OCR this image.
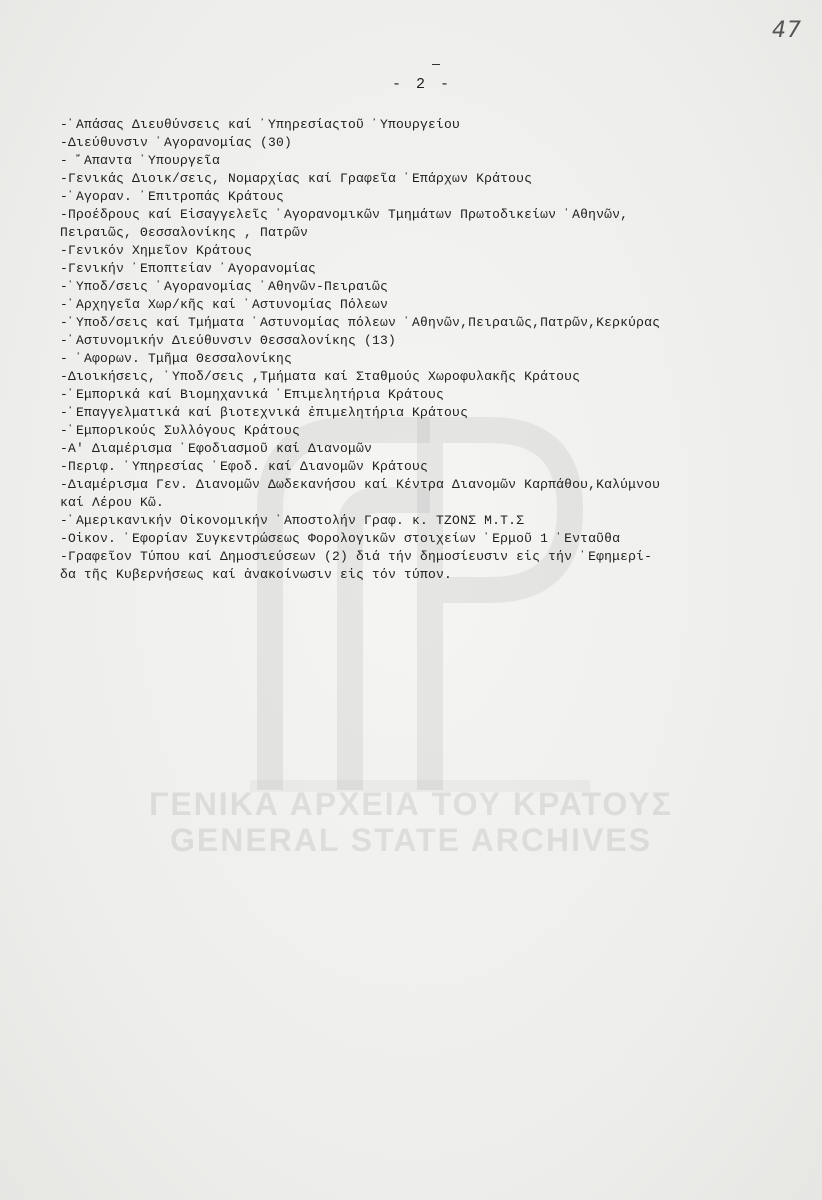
47
- 2 -
ΓΕΝΙΚΑ ΑΡΧΕΙΑ ΤΟΥ ΚΡΑΤΟΥΣ
GENERAL STATE ARCHIVES
-᾽Απάσας Διευθύνσεις καί ᾽Υπηρεσίαςτοῦ ᾽Υπουργείου
-Διεύθυνσιν ᾽Αγορανομίας (30)
- ῎Απαντα ᾽Υπουργεῖα
-Γενικάς Διοικ/σεις, Νομαρχίας καί Γραφεῖα ᾽Επάρχων Κράτους
-᾽Αγοραν. ᾽Επιτροπάς Κράτους
-Προέδρους καί Εἰσαγγελεῖς ᾽Αγορανομικῶν Τμημάτων Πρωτοδικείων ᾽Αθηνῶν,
Πειραιῶς, Θεσσαλονίκης , Πατρῶν
-Γενικόν Χημεῖον Κράτους
-Γενικήν ᾽Εποπτείαν ᾽Αγορανομίας
-᾽Υποδ/σεις ᾽Αγορανομίας ᾽Αθηνῶν-Πειραιῶς
-᾽Αρχηγεῖα Χωρ/κῆς καί ᾽Αστυνομίας Πόλεων
-᾽Υποδ/σεις καί Τμήματα ᾽Αστυνομίας πόλεων ᾽Αθηνῶν,Πειραιῶς,Πατρῶν,Κερκύρας
-᾽Αστυνομικήν Διεύθυνσιν Θεσσαλονίκης (13)
- ᾽Αφορων. Τμῆμα Θεσσαλονίκης
-Διοικήσεις, ᾽Υποδ/σεις ,Τμήματα καί Σταθμούς Χωροφυλακῆς Κράτους
-᾽Εμπορικά καί Βιομηχανικά ᾽Επιμελητήρια Κράτους
-᾽Επαγγελματικά καί βιοτεχνικά ἐπιμελητήρια Κράτους
-᾽Εμπορικούς Συλλόγους Κράτους
-Α' Διαμέρισμα ᾽Εφοδιασμοῦ καί Διανομῶν
-Περιφ. ᾽Υπηρεσίας ᾽Εφοδ. καί Διανομῶν Κράτους
-Διαμέρισμα Γεν. Διανομῶν Δωδεκανήσου καί Κέντρα Διανομῶν Καρπάθου,Καλύμνου
καί Λέρου Κῶ.
-᾽Αμερικανικήν Οἰκονομικήν ᾽Αποστολήν Γραφ. κ. ΤΖΟΝΣ Μ.Τ.Σ
-Οἰκον. ᾽Εφορίαν Συγκεντρώσεως Φορολογικῶν στοιχείων ῾Ερμοῦ 1 ᾽Ενταῦθα
-Γραφεῖον Τύπου καί Δημοσιεύσεων (2) διά τήν δημοσίευσιν εἰς τήν ᾽Εφημερί-
δα τῆς Κυβερνήσεως καί ἀνακοίνωσιν εἰς τόν τύπον.
